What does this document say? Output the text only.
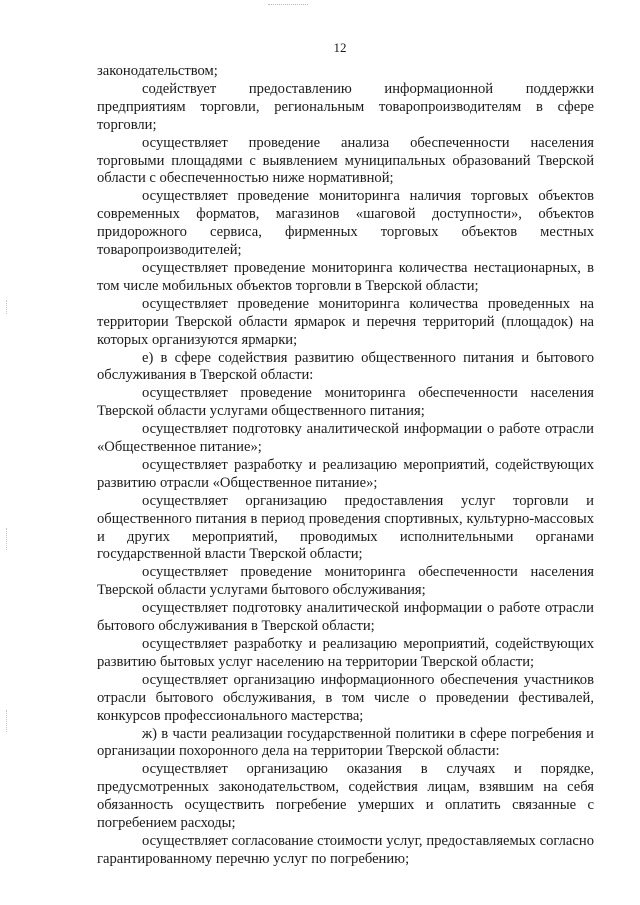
12

законодательством;

содействует предоставлению информационной поддержки предприятиям торговли, региональным товаропроизводителям в сфере торговли;

осуществляет проведение анализа обеспеченности населения торговыми площадями с выявлением муниципальных образований Тверской области с обеспеченностью ниже нормативной;

осуществляет проведение мониторинга наличия торговых объектов современных форматов, магазинов «шаговой доступности», объектов придорожного сервиса, фирменных торговых объектов местных товаропроизводителей;

осуществляет проведение мониторинга количества нестационарных, в том числе мобильных объектов торговли в Тверской области;

осуществляет проведение мониторинга количества проведенных на территории Тверской области ярмарок и перечня территорий (площадок) на которых организуются ярмарки;

е) в сфере содействия развитию общественного питания и бытового обслуживания в Тверской области:

осуществляет проведение мониторинга обеспеченности населения Тверской области услугами общественного питания;

осуществляет подготовку аналитической информации о работе отрасли «Общественное питание»;

осуществляет разработку и реализацию мероприятий, содействующих развитию отрасли «Общественное питание»;

осуществляет организацию предоставления услуг торговли и общественного питания в период проведения спортивных, культурно-массовых и других мероприятий, проводимых исполнительными органами государственной власти Тверской области;

осуществляет проведение мониторинга обеспеченности населения Тверской области услугами бытового обслуживания;

осуществляет подготовку аналитической информации о работе отрасли бытового обслуживания в Тверской области;

осуществляет разработку и реализацию мероприятий, содействующих развитию бытовых услуг населению на территории Тверской области;

осуществляет организацию информационного обеспечения участников отрасли бытового обслуживания, в том числе о проведении фестивалей, конкурсов профессионального мастерства;

ж) в части реализации государственной политики в сфере погребения и организации похоронного дела на территории Тверской области:

осуществляет организацию оказания в случаях и порядке, предусмотренных законодательством, содействия лицам, взявшим на себя обязанность осуществить погребение умерших и оплатить связанные с погребением расходы;

осуществляет согласование стоимости услуг, предоставляемых согласно гарантированному перечню услуг по погребению;
